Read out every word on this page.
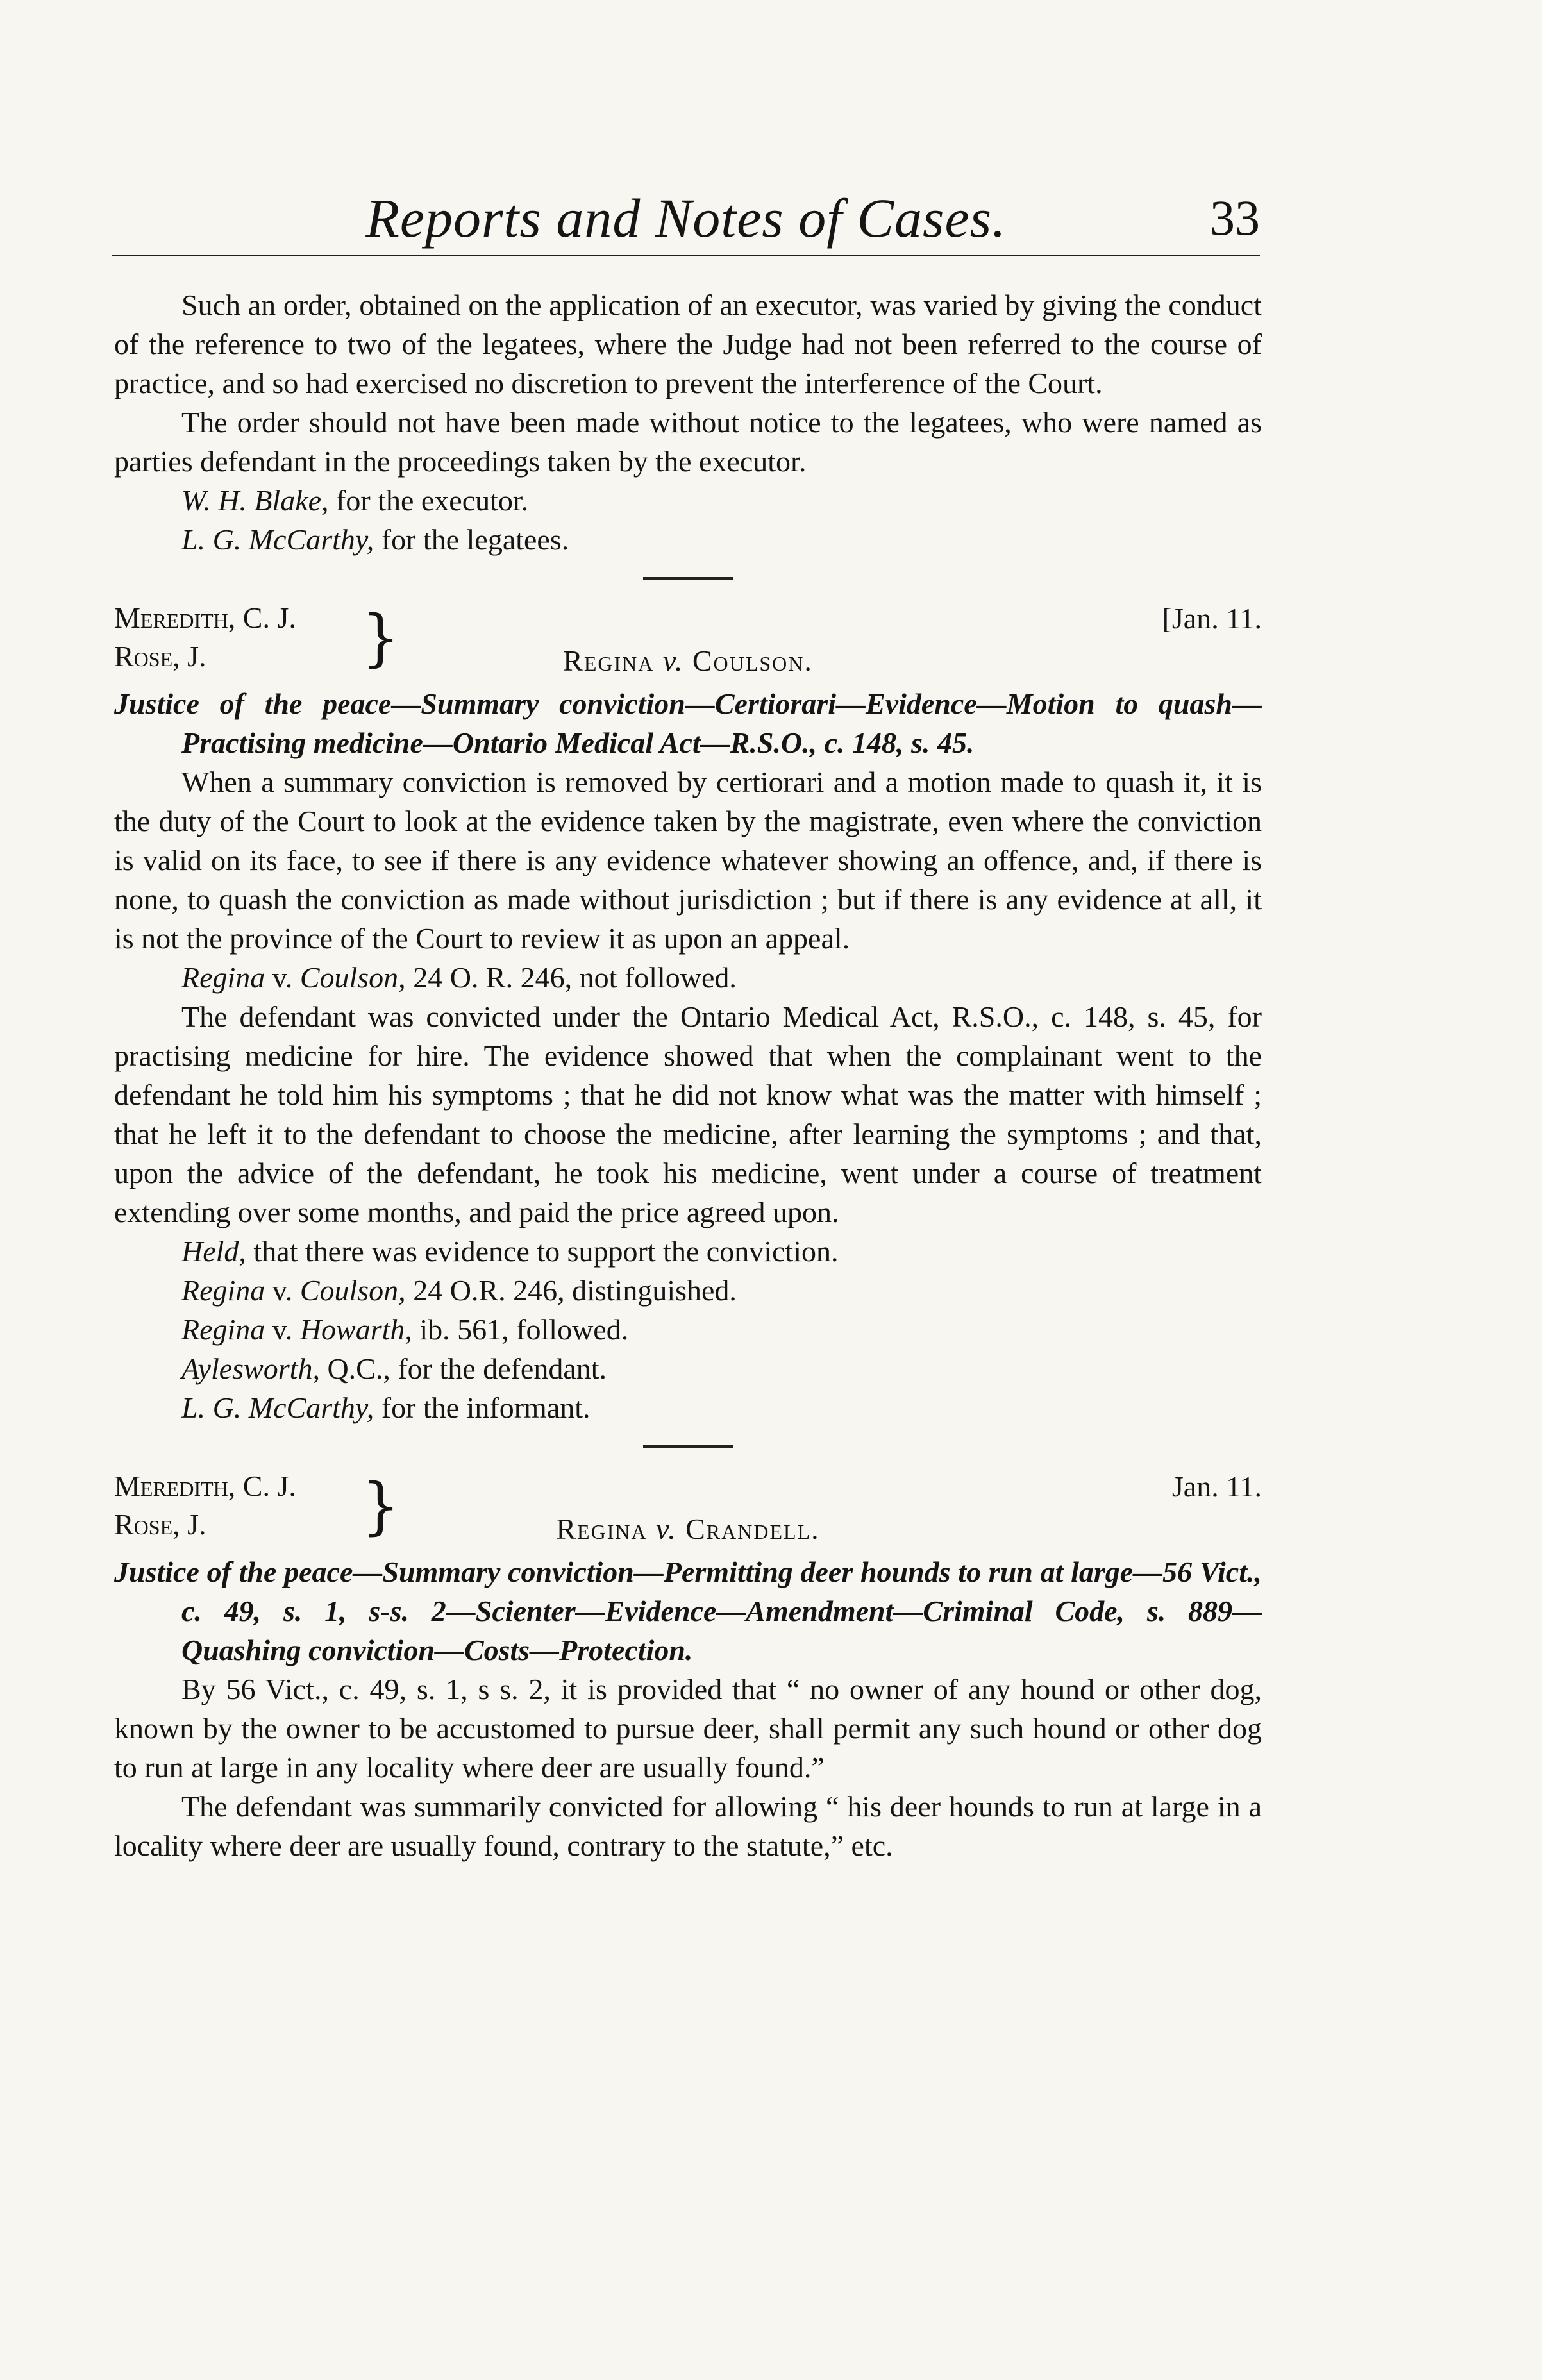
Reports and Notes of Cases.	33

Such an order, obtained on the application of an executor, was varied by giving the conduct of the reference to two of the legatees, where the Judge had not been referred to the course of practice, and so had exercised no discretion to prevent the interference of the Court.

The order should not have been made without notice to the legatees, who were named as parties defendant in the proceedings taken by the executor.

W. H. Blake, for the executor.

L. G. McCarthy, for the legatees.

Meredith, C. J.
Rose, J.	}	[Jan. 11.

Regina v. Coulson.

Justice of the peace—Summary conviction—Certiorari—Evidence—Motion to quash—Practising medicine—Ontario Medical Act—R.S.O., c. 148, s. 45.

When a summary conviction is removed by certiorari and a motion made to quash it, it is the duty of the Court to look at the evidence taken by the magistrate, even where the conviction is valid on its face, to see if there is any evidence whatever showing an offence, and, if there is none, to quash the conviction as made without jurisdiction ; but if there is any evidence at all, it is not the province of the Court to review it as upon an appeal.

Regina v. Coulson, 24 O. R. 246, not followed.

The defendant was convicted under the Ontario Medical Act, R.S.O., c. 148, s. 45, for practising medicine for hire. The evidence showed that when the complainant went to the defendant he told him his symptoms ; that he did not know what was the matter with himself ; that he left it to the defendant to choose the medicine, after learning the symptoms ; and that, upon the advice of the defendant, he took his medicine, went under a course of treatment extending over some months, and paid the price agreed upon.

Held, that there was evidence to support the conviction.

Regina v. Coulson, 24 O.R. 246, distinguished.

Regina v. Howarth, ib. 561, followed.

Aylesworth, Q.C., for the defendant.

L. G. McCarthy, for the informant.

Meredith, C. J.
Rose, J.	}	Jan. 11.

Regina v. Crandell.

Justice of the peace—Summary conviction—Permitting deer hounds to run at large—56 Vict., c. 49, s. 1, s-s. 2—Scienter—Evidence—Amendment—Criminal Code, s. 889—Quashing conviction—Costs—Protection.

By 56 Vict., c. 49, s. 1, s s. 2, it is provided that “ no owner of any hound or other dog, known by the owner to be accustomed to pursue deer, shall permit any such hound or other dog to run at large in any locality where deer are usually found.”

The defendant was summarily convicted for allowing “ his deer hounds to run at large in a locality where deer are usually found, contrary to the statute,” etc.
